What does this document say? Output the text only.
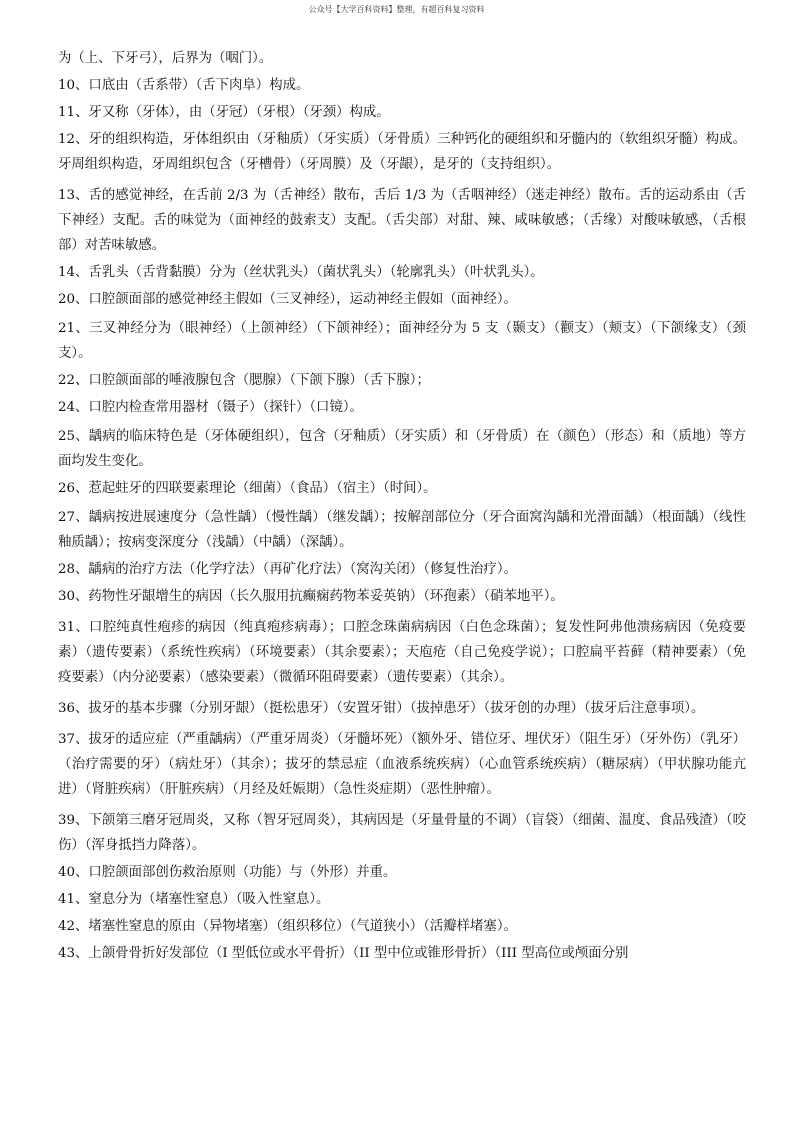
公众号【大学百科资料】整理，有超百科复习资料

为（上、下牙弓），后界为（咽门）。

10、口底由（舌系带）（舌下肉阜）构成。

11、牙又称（牙体），由（牙冠）（牙根）（牙颈）构成。

12、牙的组织构造，牙体组织由（牙釉质）（牙实质）（牙骨质）三种钙化的硬组织和牙髓内的（软组织牙髓）构成。牙周组织构造，牙周组织包含（牙槽骨）（牙周膜）及（牙龈），是牙的（支持组织）。

13、舌的感觉神经，在舌前 2/3 为（舌神经）散布，舌后 1/3 为（舌咽神经）（迷走神经）散布。舌的运动系由（舌下神经）支配。舌的味觉为（面神经的鼓索支）支配。（舌尖部）对甜、辣、咸味敏感；（舌缘）对酸味敏感，（舌根部）对苦味敏感。

14、舌乳头（舌背黏膜）分为（丝状乳头）（菌状乳头）（轮廓乳头）（叶状乳头）。

20、口腔颌面部的感觉神经主假如（三叉神经），运动神经主假如（面神经）。

21、三叉神经分为（眼神经）（上颌神经）（下颌神经）；面神经分为 5 支（颞支）（颧支）（颊支）（下颌缘支）（颈支）。

22、口腔颌面部的唾液腺包含（腮腺）（下颌下腺）（舌下腺）；

24、口腔内检查常用器材（镊子）（探针）（口镜）。

25、龋病的临床特色是（牙体硬组织），包含（牙釉质）（牙实质）和（牙骨质）在（颜色）（形态）和（质地）等方面均发生变化。

26、惹起蛀牙的四联要素理论（细菌）（食品）（宿主）（时间）。

27、龋病按进展速度分（急性龋）（慢性龋）（继发龋）；按解剖部位分（牙合面窝沟龋和光滑面龋）（根面龋）（线性釉质龋）；按病变深度分（浅龋）（中龋）（深龋）。

28、龋病的治疗方法（化学疗法）（再矿化疗法）（窝沟关闭）（修复性治疗）。

30、药物性牙龈增生的病因（长久服用抗癫痫药物苯妥英钠）（环孢素）（硝苯地平）。

31、口腔纯真性疱疹的病因（纯真疱疹病毒）；口腔念珠菌病病因（白色念珠菌）；复发性阿弗他溃疡病因（免疫要素）（遗传要素）（系统性疾病）（环境要素）（其余要素）；天庖疮（自己免疫学说）；口腔扁平苔藓（精神要素）（免疫要素）（内分泌要素）（感染要素）（微循环阻碍要素）（遗传要素）（其余）。

36、拔牙的基本步骤（分别牙龈）（挺松患牙）（安置牙钳）（拔掉患牙）（拔牙创的办理）（拔牙后注意事项）。

37、拔牙的适应症（严重龋病）（严重牙周炎）（牙髓坏死）（额外牙、错位牙、埋伏牙）（阻生牙）（牙外伤）（乳牙）（治疗需要的牙）（病灶牙）（其余）；拔牙的禁忌症（血液系统疾病）（心血管系统疾病）（糖尿病）（甲状腺功能亢进）（肾脏疾病）（肝脏疾病）（月经及妊娠期）（急性炎症期）（恶性肿瘤）。

39、下颌第三磨牙冠周炎，又称（智牙冠周炎），其病因是（牙量骨量的不调）（盲袋）（细菌、温度、食品残渣）（咬伤）（浑身抵挡力降落）。

40、口腔颌面部创伤救治原则（功能）与（外形）并重。

41、窒息分为（堵塞性窒息）（吸入性窒息）。

42、堵塞性窒息的原由（异物堵塞）（组织移位）（气道狭小）（活瓣样堵塞）。

43、上颌骨骨折好发部位（I 型低位或水平骨折）（II 型中位或锥形骨折）（III 型高位或颅面分别
